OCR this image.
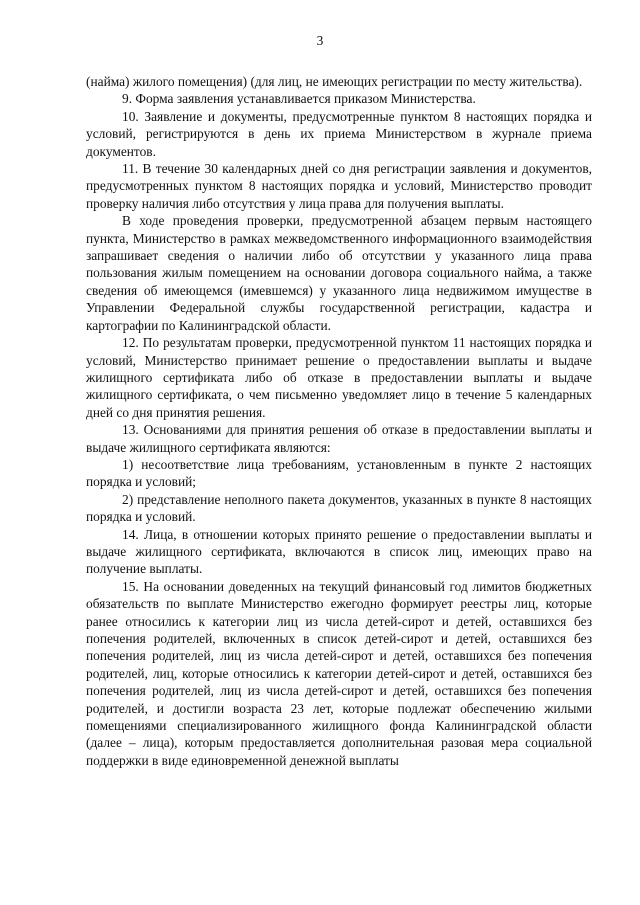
3

(найма) жилого помещения) (для лиц, не имеющих регистрации по месту жительства).

9. Форма заявления устанавливается приказом Министерства.

10. Заявление и документы, предусмотренные пунктом 8 настоящих порядка и условий, регистрируются в день их приема Министерством в журнале приема документов.

11. В течение 30 календарных дней со дня регистрации заявления и документов, предусмотренных пунктом 8 настоящих порядка и условий, Министерство проводит проверку наличия либо отсутствия у лица права для получения выплаты.

В ходе проведения проверки, предусмотренной абзацем первым настоящего пункта, Министерство в рамках межведомственного информационного взаимодействия запрашивает сведения о наличии либо об отсутствии у указанного лица права пользования жилым помещением на основании договора социального найма, а также сведения об имеющемся (имевшемся) у указанного лица недвижимом имуществе в Управлении Федеральной службы государственной регистрации, кадастра и картографии по Калининградской области.

12. По результатам проверки, предусмотренной пунктом 11 настоящих порядка и условий, Министерство принимает решение о предоставлении выплаты и выдаче жилищного сертификата либо об отказе в предоставлении выплаты и выдаче жилищного сертификата, о чем письменно уведомляет лицо в течение 5 календарных дней со дня принятия решения.

13. Основаниями для принятия решения об отказе в предоставлении выплаты и выдаче жилищного сертификата являются:

1) несоответствие лица требованиям, установленным в пункте 2 настоящих порядка и условий;

2) представление неполного пакета документов, указанных в пункте 8 настоящих порядка и условий.

14. Лица, в отношении которых принято решение о предоставлении выплаты и выдаче жилищного сертификата, включаются в список лиц, имеющих право на получение выплаты.

15. На основании доведенных на текущий финансовый год лимитов бюджетных обязательств по выплате Министерство ежегодно формирует реестры лиц, которые ранее относились к категории лиц из числа детей-сирот и детей, оставшихся без попечения родителей, включенных в список детей-сирот и детей, оставшихся без попечения родителей, лиц из числа детей-сирот и детей, оставшихся без попечения родителей, лиц, которые относились к категории детей-сирот и детей, оставшихся без попечения родителей, лиц из числа детей-сирот и детей, оставшихся без попечения родителей, и достигли возраста 23 лет, которые подлежат обеспечению жилыми помещениями специализированного жилищного фонда Калининградской области (далее – лица), которым предоставляется дополнительная разовая мера социальной поддержки в виде единовременной денежной выплаты
